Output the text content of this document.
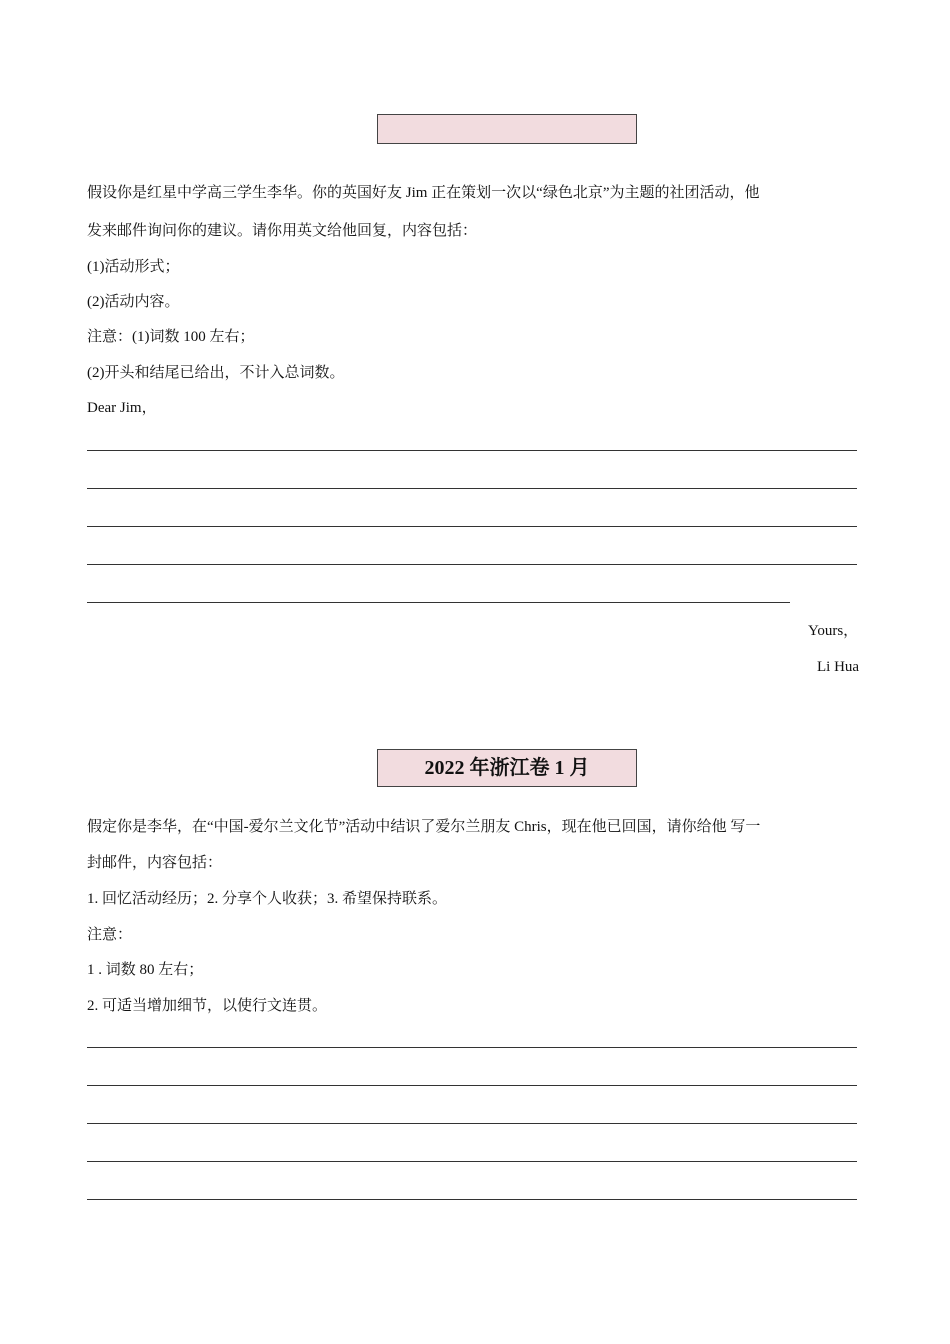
假设你是红星中学高三学生李华。你的英国好友 Jim 正在策划一次以“绿色北京”为主题的社团活动，他
发来邮件询问你的建议。请你用英文给他回复，内容包括：
(1)活动形式；
(2)活动内容。
注意：(1)词数 100 左右；
(2)开头和结尾已给出，不计入总词数。
Dear Jim，
Yours，
Li Hua
2022 年浙江卷 1 月
假定你是李华，在“中国-爱尔兰文化节”活动中结识了爱尔兰朋友 Chris，现在他已回国，请你给他 写一
封邮件，内容包括：
1. 回忆活动经历；2. 分享个人收获；3. 希望保持联系。
注意：
1 . 词数 80 左右；
2. 可适当增加细节，以使行文连贯。
